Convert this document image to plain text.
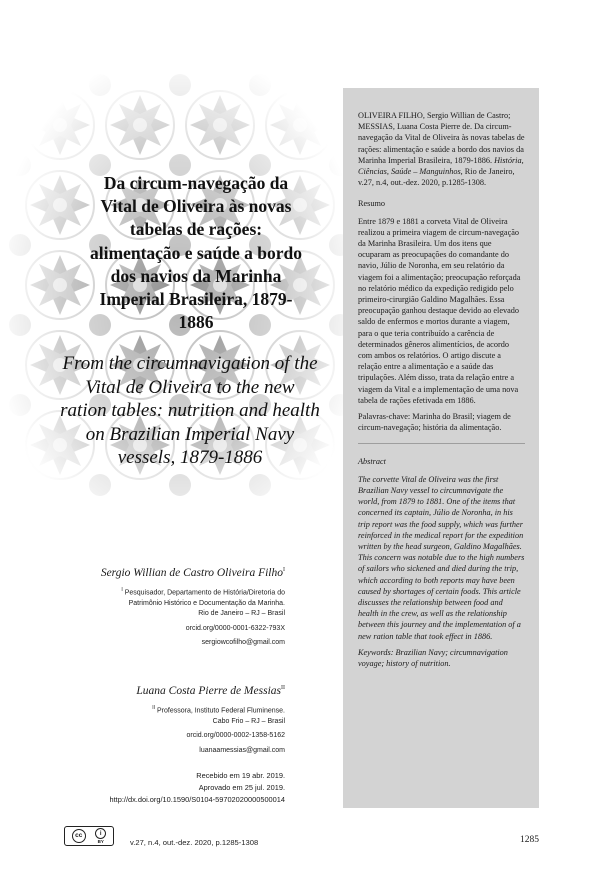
Da circum-navegação da Vital de Oliveira às novas tabelas de rações: alimentação e saúde a bordo dos navios da Marinha Imperial Brasileira, 1879-1886
From the circumnavigation of the Vital de Oliveira to the new ration tables: nutrition and health on Brazilian Imperial Navy vessels, 1879-1886
Sergio Willian de Castro Oliveira Filho$^I$
$^I$ Pesquisador, Departamento de História/Diretoria do
Patrimônio Histórico e Documentação da Marinha.
Rio de Janeiro – RJ – Brasil
orcid.org/0000-0001-6322-793X
sergiowcofilho@gmail.com
Luana Costa Pierre de Messias$^{II}$
$^{II}$ Professora, Instituto Federal Fluminense.
Cabo Frio – RJ – Brasil
orcid.org/0000-0002-1358-5162
luanaamessias@gmail.com
Recebido em 19 abr. 2019.
Aprovado em 25 jul. 2019.
http://dx.doi.org/10.1590/S0104-59702020000500014

OLIVEIRA FILHO, Sergio Willian de Castro; MESSIAS, Luana Costa Pierre de. Da circum-navegação da Vital de Oliveira às novas tabelas de rações: alimentação e saúde a bordo dos navios da Marinha Imperial Brasileira, 1879-1886. História, Ciências, Saúde – Manguinhos, Rio de Janeiro, v.27, n.4, out.-dez. 2020, p.1285-1308.

Resumo

Entre 1879 e 1881 a corveta Vital de Oliveira realizou a primeira viagem de circum-navegação da Marinha Brasileira. Um dos itens que ocuparam as preocupações do comandante do navio, Júlio de Noronha, em seu relatório da viagem foi a alimentação; preocupação reforçada no relatório médico da expedição redigido pelo primeiro-cirurgião Galdino Magalhães. Essa preocupação ganhou destaque devido ao elevado saldo de enfermos e mortos durante a viagem, para o que teria contribuído a carência de determinados gêneros alimentícios, de acordo com ambos os relatórios. O artigo discute a relação entre a alimentação e a saúde das tripulações. Além disso, trata da relação entre a viagem da Vital e a implementação de uma nova tabela de rações efetivada em 1886.

Palavras-chave: Marinha do Brasil; viagem de circum-navegação; história da alimentação.

Abstract

The corvette Vital de Oliveira was the first Brazilian Navy vessel to circumnavigate the world, from 1879 to 1881. One of the items that concerned its captain, Júlio de Noronha, in his trip report was the food supply, which was further reinforced in the medical report for the expedition written by the head surgeon, Galdino Magalhães. This concern was notable due to the high numbers of sailors who sickened and died during the trip, which according to both reports may have been caused by shortages of certain foods. This article discusses the relationship between food and health in the crew, as well as the relationship between this journey and the implementation of a new ration table that took effect in 1886.

Keywords: Brazilian Navy; circumnavigation voyage; history of nutrition.

cc	i
BY	v.27, n.4, out.-dez. 2020, p.1285-1308	1285
